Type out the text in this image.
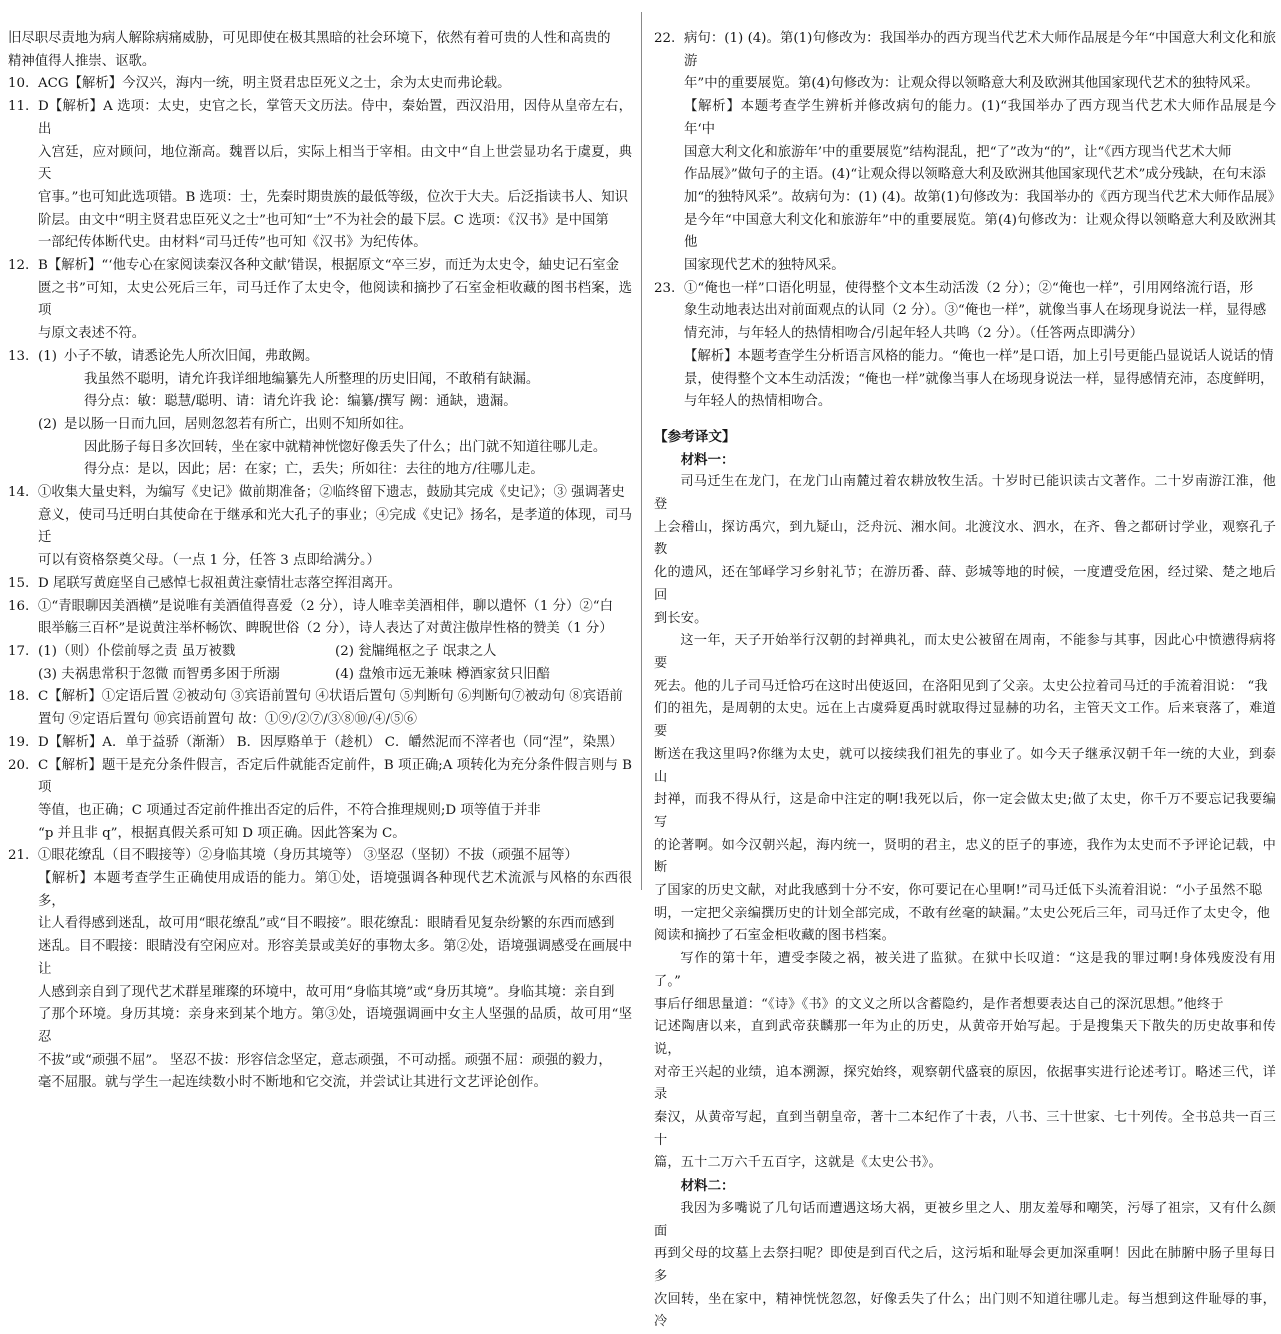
旧尽职尽责地为病人解除病痛威胁，可见即使在极其黑暗的社会环境下，依然有着可贵的人性和高贵的
精神值得人推崇、讴歌。
10. ACG【解析】今汉兴，海内一统，明主贤君忠臣死义之士，余为太史而弗论载。
11. D【解析】A 选项：太史，史官之长，掌管天文历法。侍中，秦始置，西汉沿用，因侍从皇帝左右，出
入宫廷，应对顾问，地位渐高。魏晋以后，实际上相当于宰相。由文中“自上世尝显功名于虞夏，典天
官事。”也可知此选项错。B 选项：士，先秦时期贵族的最低等级，位次于大夫。后泛指读书人、知识
阶层。由文中“明主贤君忠臣死义之士”也可知“士”不为社会的最下层。C 选项：《汉书》是中国第
一部纪传体断代史。由材料“司马迁传”也可知《汉书》为纪传体。
12. B【解析】“‘他专心在家阅读秦汉各种文献’错误，根据原文“卒三岁，而迁为太史令，紬史记石室金
匮之书”可知，太史公死后三年，司马迁作了太史令，他阅读和摘抄了石室金柜收藏的图书档案，选项
与原文表述不符。
13. (1) 小子不敏，请悉论先人所次旧闻，弗敢阙。
我虽然不聪明，请允许我详细地编纂先人所整理的历史旧闻，不敢稍有缺漏。
得分点：敏：聪慧/聪明、请：请允许我 论：编纂/撰写 阙：通缺，遗漏。
(2) 是以肠一日而九回，居则忽忽若有所亡，出则不知所如往。
因此肠子每日多次回转，坐在家中就精神恍惚好像丢失了什么；出门就不知道往哪儿走。
得分点：是以，因此；居：在家；亡，丢失；所如往：去往的地方/往哪儿走。
14. ①收集大量史料，为编写《史记》做前期准备；②临终留下遗志，鼓励其完成《史记》；③ 强调著史
意义，使司马迁明白其使命在于继承和光大孔子的事业；④完成《史记》扬名，是孝道的体现，司马迁
可以有资格祭奠父母。（一点 1 分，任答 3 点即给满分。）
15. D 尾联写黄庭坚自己感悼七叔祖黄注豪情壮志落空挥泪离开。
16. ①“青眼聊因美酒横”是说唯有美酒值得喜爱（2 分），诗人唯幸美酒相伴，聊以遣怀（1 分）②“白
眼举觞三百杯”是说黄注举杯畅饮、睥睨世俗（2 分），诗人表达了对黄注傲岸性格的赞美（1 分）
17. (1)（则）仆偿前辱之责 虽万被戮	(2) 瓮牖绳枢之子 氓隶之人
(3) 夫祸患常积于忽微 而智勇多困于所溺	(4) 盘飧市远无兼味 樽酒家贫只旧醅
18. C【解析】①定语后置 ②被动句 ③宾语前置句 ④状语后置句 ⑤判断句 ⑥判断句⑦被动句 ⑧宾语前
置句 ⑨定语后置句 ⑩宾语前置句 故：①⑨/②⑦/③⑧⑩/④/⑤⑥
19. D【解析】A．单于益骄（渐渐） B．因厚赂单于（趁机） C．皭然泥而不滓者也（同“涅”，染黑）
20. C【解析】题干是充分条件假言，否定后件就能否定前件，B 项正确;A 项转化为充分条件假言则与 B 项
等值，也正确；C 项通过否定前件推出否定的后件，不符合推理规则;D 项等值于并非
“p 并且非 q”，根据真假关系可知 D 项正确。因此答案为 C。
21. ①眼花缭乱（目不暇接等）②身临其境（身历其境等） ③坚忍（坚韧）不拔（顽强不屈等）
【解析】本题考查学生正确使用成语的能力。第①处，语境强调各种现代艺术流派与风格的东西很多，
让人看得感到迷乱，故可用“眼花缭乱”或“目不暇接”。眼花缭乱：眼睛看见复杂纷繁的东西而感到
迷乱。目不暇接：眼睛没有空闲应对。形容美景或美好的事物太多。第②处，语境强调感受在画展中让
人感到亲自到了现代艺术群星璀璨的环境中，故可用“身临其境”或“身历其境”。身临其境：亲自到
了那个环境。身历其境：亲身来到某个地方。第③处，语境强调画中女主人坚强的品质，故可用“坚忍
不拔”或“顽强不屈”。 坚忍不拔：形容信念坚定，意志顽强，不可动摇。顽强不屈：顽强的毅力，
毫不屈服。就与学生一起连续数小时不断地和它交流，并尝试让其进行文艺评论创作。
22. 病句：(1) (4)。第(1)句修改为：我国举办的西方现当代艺术大师作品展是今年“中国意大利文化和旅游
年”中的重要展览。第(4)句修改为：让观众得以领略意大利及欧洲其他国家现代艺术的独特风采。
【解析】本题考查学生辨析并修改病句的能力。(1)“我国举办了西方现当代艺术大师作品展是今年‘中
国意大利文化和旅游年’中的重要展览”结构混乱，把“了”改为“的”，让“《西方现当代艺术大师
作品展》”做句子的主语。(4)“让观众得以领略意大利及欧洲其他国家现代艺术”成分残缺，在句末添
加“的独特风采”。故病句为：(1) (4)。故第(1)句修改为：我国举办的《西方现当代艺术大师作品展》
是今年“中国意大利文化和旅游年”中的重要展览。第(4)句修改为：让观众得以领略意大利及欧洲其他
国家现代艺术的独特风采。
23. ①“俺也一样”口语化明显，使得整个文本生动活泼（2 分）；②“俺也一样”，引用网络流行语，形
象生动地表达出对前面观点的认同（2 分）。③“俺也一样”，就像当事人在场现身说法一样，显得感
情充沛，与年轻人的热情相吻合/引起年轻人共鸣（2 分）。（任答两点即满分）
【解析】本题考查学生分析语言风格的能力。“俺也一样”是口语，加上引号更能凸显说话人说话的情
景，使得整个文本生动活泼；“俺也一样”就像当事人在场现身说法一样，显得感情充沛，态度鲜明，
与年轻人的热情相吻合。
【参考译文】
材料一：
司马迁生在龙门，在龙门山南麓过着农耕放牧生活。十岁时已能识读古文著作。二十岁南游江淮，他登
上会稽山，探访禹穴，到九疑山，泛舟沅、湘水间。北渡汶水、泗水，在齐、鲁之都研讨学业，观察孔子教
化的遗风，还在邹峄学习乡射礼节；在游历番、薛、彭城等地的时候，一度遭受危困，经过梁、楚之地后回
到长安。
这一年，天子开始举行汉朝的封禅典礼，而太史公被留在周南，不能参与其事，因此心中愤懑得病将要
死去。他的儿子司马迁恰巧在这时出使返回，在洛阳见到了父亲。太史公拉着司马迁的手流着泪说： “我
们的祖先，是周朝的太史。远在上古虞舜夏禹时就取得过显赫的功名，主管天文工作。后来衰落了，难道要
断送在我这里吗?你继为太史，就可以接续我们祖先的事业了。如今天子继承汉朝千年一统的大业，到泰山
封禅，而我不得从行，这是命中注定的啊!我死以后，你一定会做太史;做了太史，你千万不要忘记我要编写
的论著啊。如今汉朝兴起，海内统一，贤明的君主，忠义的臣子的事迹，我作为太史而不予评论记载，中断
了国家的历史文献，对此我感到十分不安，你可要记在心里啊!”司马迁低下头流着泪说：“小子虽然不聪
明，一定把父亲编撰历史的计划全部完成，不敢有丝毫的缺漏。”太史公死后三年，司马迁作了太史令，他
阅读和摘抄了石室金柜收藏的图书档案。
写作的第十年，遭受李陵之祸，被关进了监狱。在狱中长叹道：“这是我的罪过啊!身体残废没有用了。”
事后仔细思量道：“《诗》《书》的文义之所以含蓄隐约，是作者想要表达自己的深沉思想。”他终于
记述陶唐以来，直到武帝获麟那一年为止的历史，从黄帝开始写起。于是搜集天下散失的历史故事和传说，
对帝王兴起的业绩，追本溯源，探究始终，观察朝代盛衰的原因，依据事实进行论述考订。略述三代，详录
秦汉，从黄帝写起，直到当朝皇帝，著十二本纪作了十表，八书、三十世家、七十列传。全书总共一百三十
篇，五十二万六千五百字，这就是《太史公书》。
材料二：
我因为多嘴说了几句话而遭遇这场大祸，更被乡里之人、朋友羞辱和嘲笑，污辱了祖宗，又有什么颜面
再到父母的坟墓上去祭扫呢？即使是到百代之后，这污垢和耻辱会更加深重啊！因此在肺腑中肠子里每日多
次回转，坐在家中，精神恍恍忽忽，好像丢失了什么；出门则不知道往哪儿走。每当想到这件耻辱的事，冷
